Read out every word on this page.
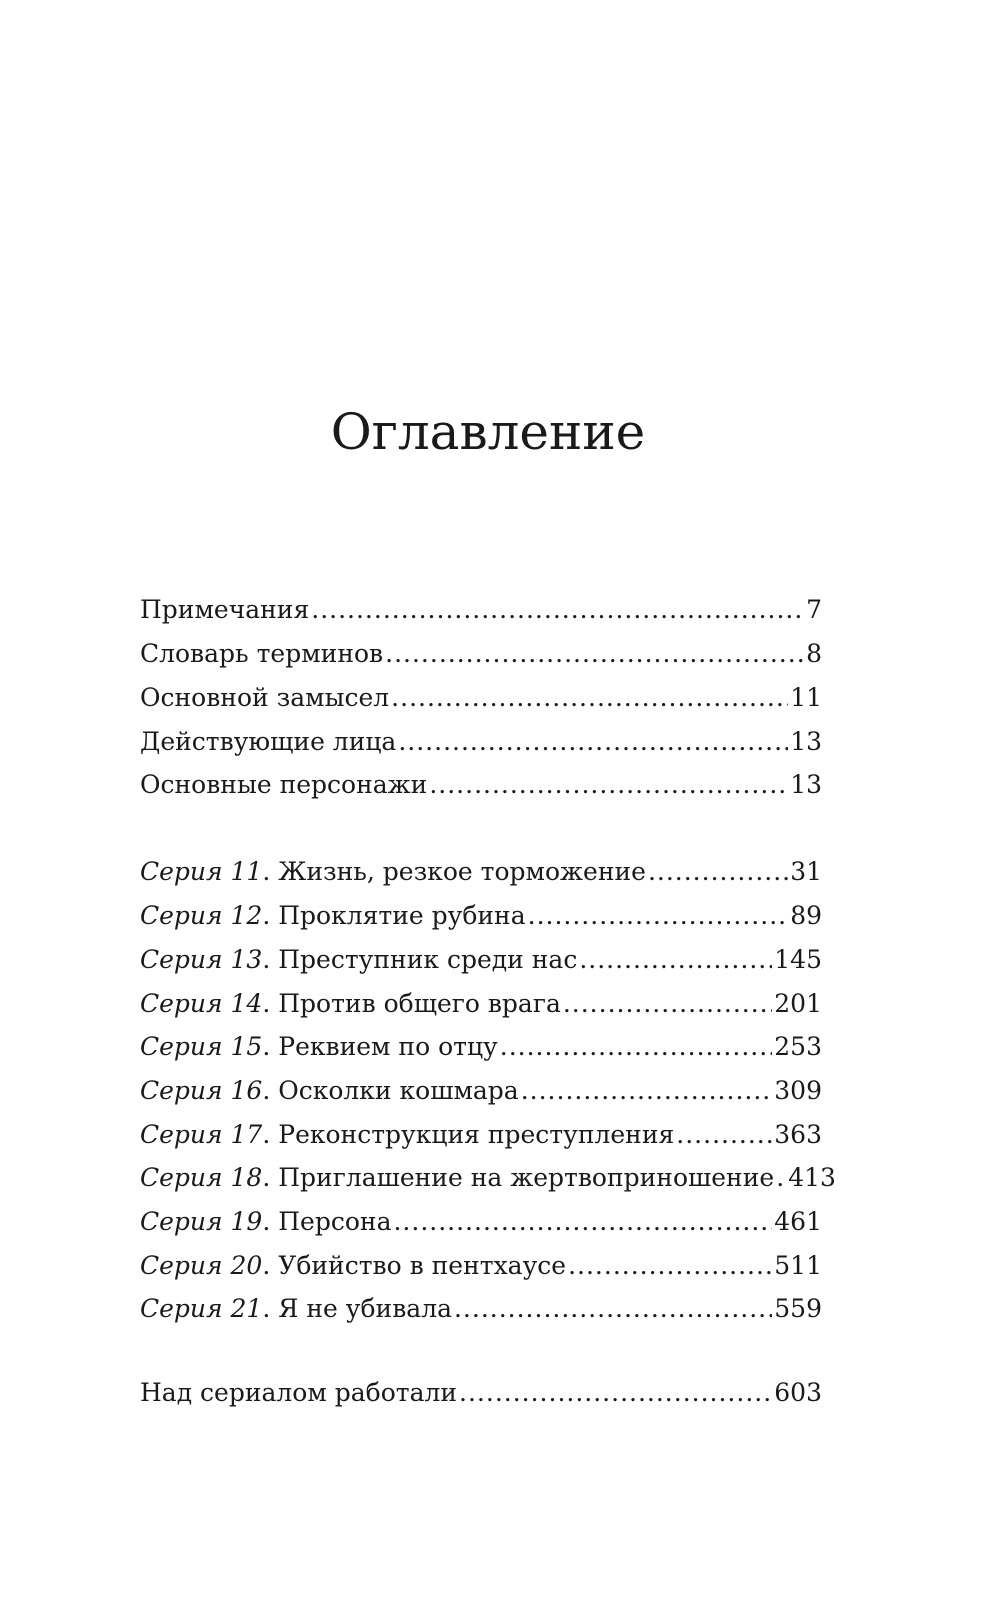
Оглавление
Примечания .....	7
Словарь терминов .....	8
Основной замысел .....	11
Действующие лица .....	13
Основные персонажи .....	13
Серия 11. Жизнь, резкое торможение .....	31
Серия 12. Проклятие рубина .....	89
Серия 13. Преступник среди нас .....	145
Серия 14. Против общего врага .....	201
Серия 15. Реквием по отцу .....	253
Серия 16. Осколки кошмара .....	309
Серия 17. Реконструкция преступления .....	363
Серия 18. Приглашение на жертвоприношение ..... 413
Серия 19. Персона .....	461
Серия 20. Убийство в пентхаусе .....	511
Серия 21. Я не убивала .....	559
Над сериалом работали .....	603
